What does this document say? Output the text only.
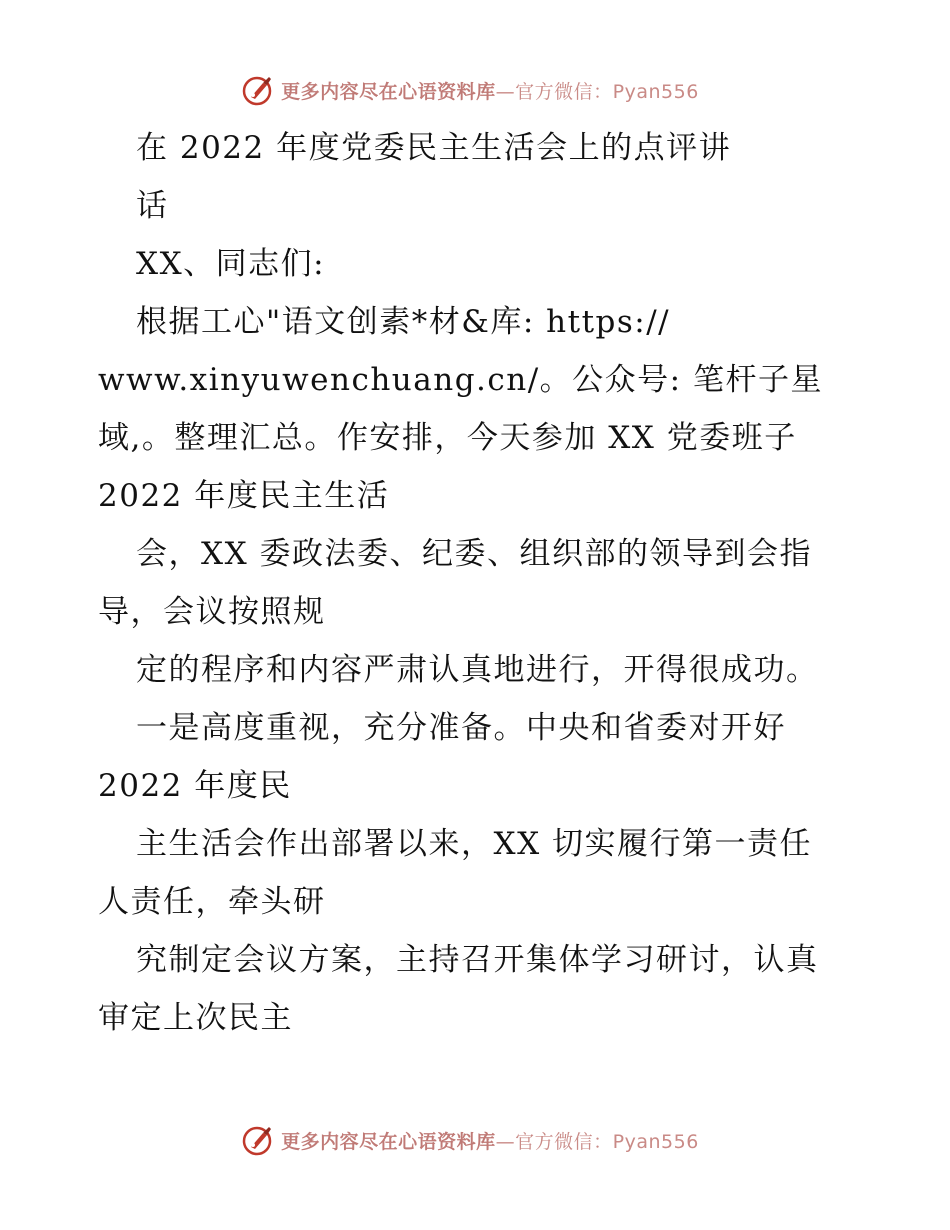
更多内容尽在心语资料库—官方微信：Pyan556
在 2022 年度党委民主生活会上的点评讲
话
XX、同志们:
根据工心"语文创素*材&库: https://
www.xinyuwenchuang.cn/。公众号: 笔杆子星
域,。整理汇总。作安排，今天参加 XX 党委班子
2022 年度民主生活
会，XX 委政法委、纪委、组织部的领导到会指
导，会议按照规
定的程序和内容严肃认真地进行，开得很成功。
一是高度重视，充分准备。中央和省委对开好
2022 年度民
主生活会作出部署以来，XX 切实履行第一责任
人责任，牵头研
究制定会议方案，主持召开集体学习研讨，认真
审定上次民主
更多内容尽在心语资料库—官方微信：Pyan556
